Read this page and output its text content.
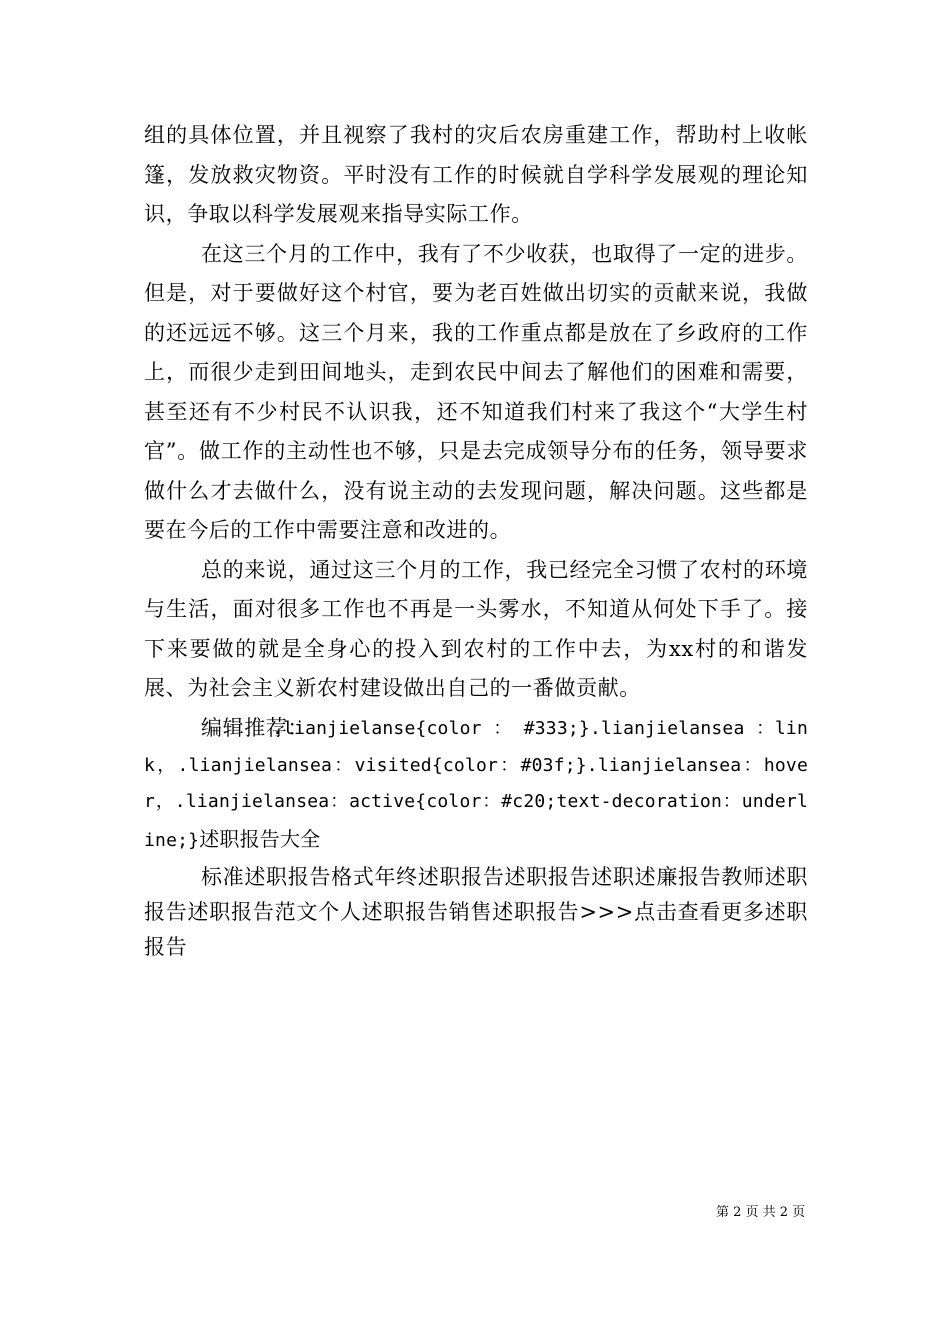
组的具体位置，并且视察了我村的灾后农房重建工作，帮助村上收帐篷，发放救灾物资。平时没有工作的时候就自学科学发展观的理论知识，争取以科学发展观来指导实际工作。

在这三个月的工作中，我有了不少收获，也取得了一定的进步。但是，对于要做好这个村官，要为老百姓做出切实的贡献来说，我做的还远远不够。这三个月来，我的工作重点都是放在了乡政府的工作上，而很少走到田间地头，走到农民中间去了解他们的困难和需要，甚至还有不少村民不认识我，还不知道我们村来了我这个“大学生村官”。做工作的主动性也不够，只是去完成领导分布的任务，领导要求做什么才去做什么，没有说主动的去发现问题，解决问题。这些都是要在今后的工作中需要注意和改进的。

总的来说，通过这三个月的工作，我已经完全习惯了农村的环境与生活，面对很多工作也不再是一头雾水，不知道从何处下手了。接下来要做的就是全身心的投入到农村的工作中去，为xx村的和谐发展、为社会主义新农村建设做出自己的一番做贡献。

编辑推荐：

.lianjielanse{color ： #333;}.lianjielansea ：link，.lianjielansea：visited{color：#03f;}.lianjielansea：hover，.lianjielansea：active{color：#c20;text-decoration：underline;}述职报告大全
标准述职报告格式年终述职报告述职报告述职述廉报告教师述职报告述职报告范文个人述职报告销售述职报告>>>点击查看更多述职报告
第 2 页 共 2 页
